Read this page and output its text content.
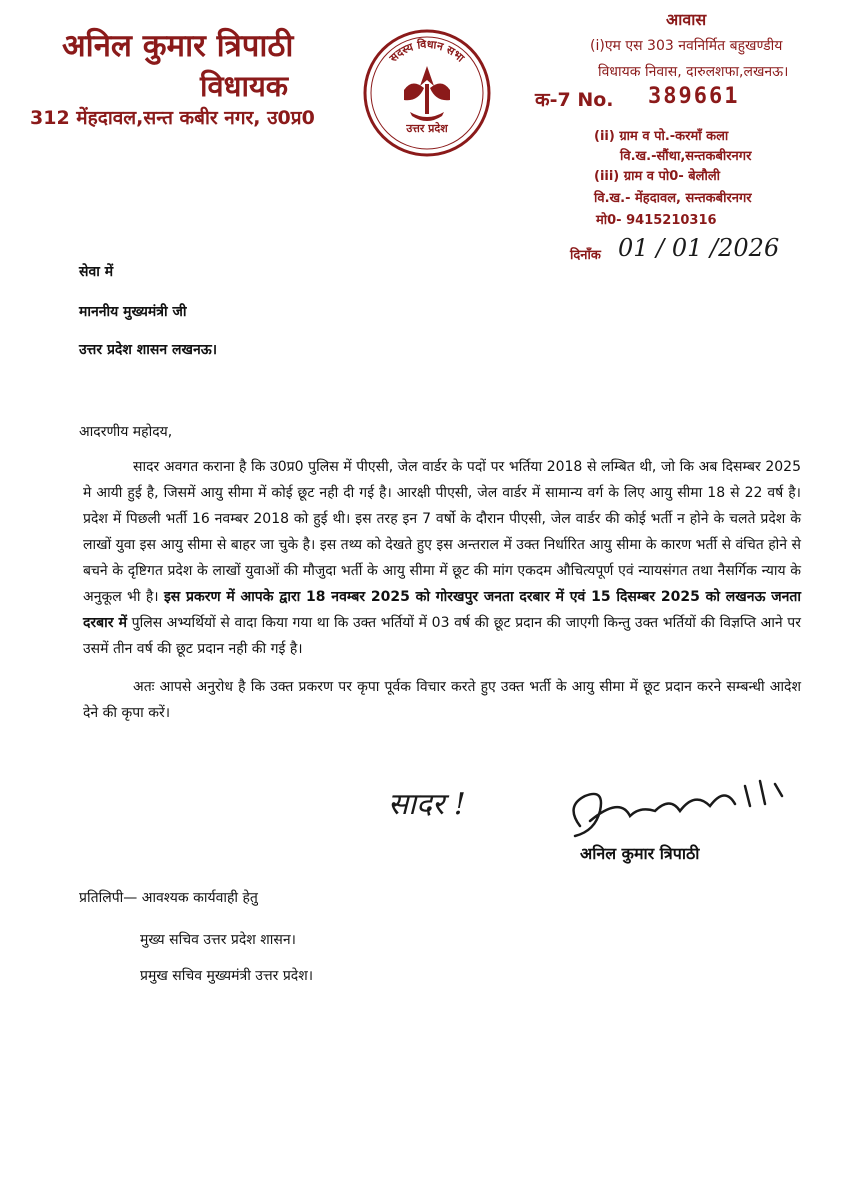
अनिल कुमार त्रिपाठी
विधायक
312 मेंहदावल,सन्त कबीर नगर, उ0प्र0
सदस्य विधान सभा
उत्तर प्रदेश
आवास
(i)एम एस 303 नवनिर्मित बहुखण्डीय
विधायक निवास, दारुलशफा,लखनऊ।
क-7 No. 389661
(ii) ग्राम व पो.-करमाँ कला
वि.ख.-सौंथा,सन्तकबीरनगर
(iii) ग्राम व पो0- बेलौली
वि.ख.- मेंहदावल, सन्तकबीरनगर
मो0- 9415210316
दिनाँक 01 / 01 /2026
सेवा में
माननीय मुख्यमंत्री जी
उत्तर प्रदेश शासन लखनऊ।
आदरणीय महोदय,

सादर अवगत कराना है कि उ0प्र0 पुलिस में पीएसी, जेल वार्डर के पदों पर भर्तिया 2018 से लम्बित थी, जो कि अब दिसम्बर 2025 मे आयी हुई है, जिसमें आयु सीमा में कोई छूट नही दी गई है। आरक्षी पीएसी, जेल वार्डर में सामान्य वर्ग के लिए आयु सीमा 18 से 22 वर्ष है। प्रदेश में पिछली भर्ती 16 नवम्बर 2018 को हुई थी। इस तरह इन 7 वर्षो के दौरान पीएसी, जेल वार्डर की कोई भर्ती न होने के चलते प्रदेश के लाखों युवा इस आयु सीमा से बाहर जा चुके है। इस तथ्य को देखते हुए इस अन्तराल में उक्त निर्धारित आयु सीमा के कारण भर्ती से वंचित होने से बचने के दृष्टिगत प्रदेश के लाखों युवाओं की मौजुदा भर्ती के आयु सीमा में छूट की मांग एकदम औचित्यपूर्ण एवं न्यायसंगत तथा नैसर्गिक न्याय के अनुकूल भी है। इस प्रकरण में आपके द्वारा 18 नवम्बर 2025 को गोरखपुर जनता दरबार में एवं 15 दिसम्बर 2025 को लखनऊ जनता दरबार में पुलिस अभ्यर्थियों से वादा किया गया था कि उक्त भर्तियों में 03 वर्ष की छूट प्रदान की जाएगी किन्तु उक्त भर्तियों की विज्ञप्ति आने पर उसमें तीन वर्ष की छूट प्रदान नही की गई है।

अतः आपसे अनुरोध है कि उक्त प्रकरण पर कृपा पूर्वक विचार करते हुए उक्त भर्ती के आयु सीमा में छूट प्रदान करने सम्बन्धी आदेश देने की कृपा करें।

सादर !
अनिल कुमार त्रिपाठी
प्रतिलिपी— आवश्यक कार्यवाही हेतु
मुख्य सचिव उत्तर प्रदेश शासन।
प्रमुख सचिव मुख्यमंत्री उत्तर प्रदेश।
